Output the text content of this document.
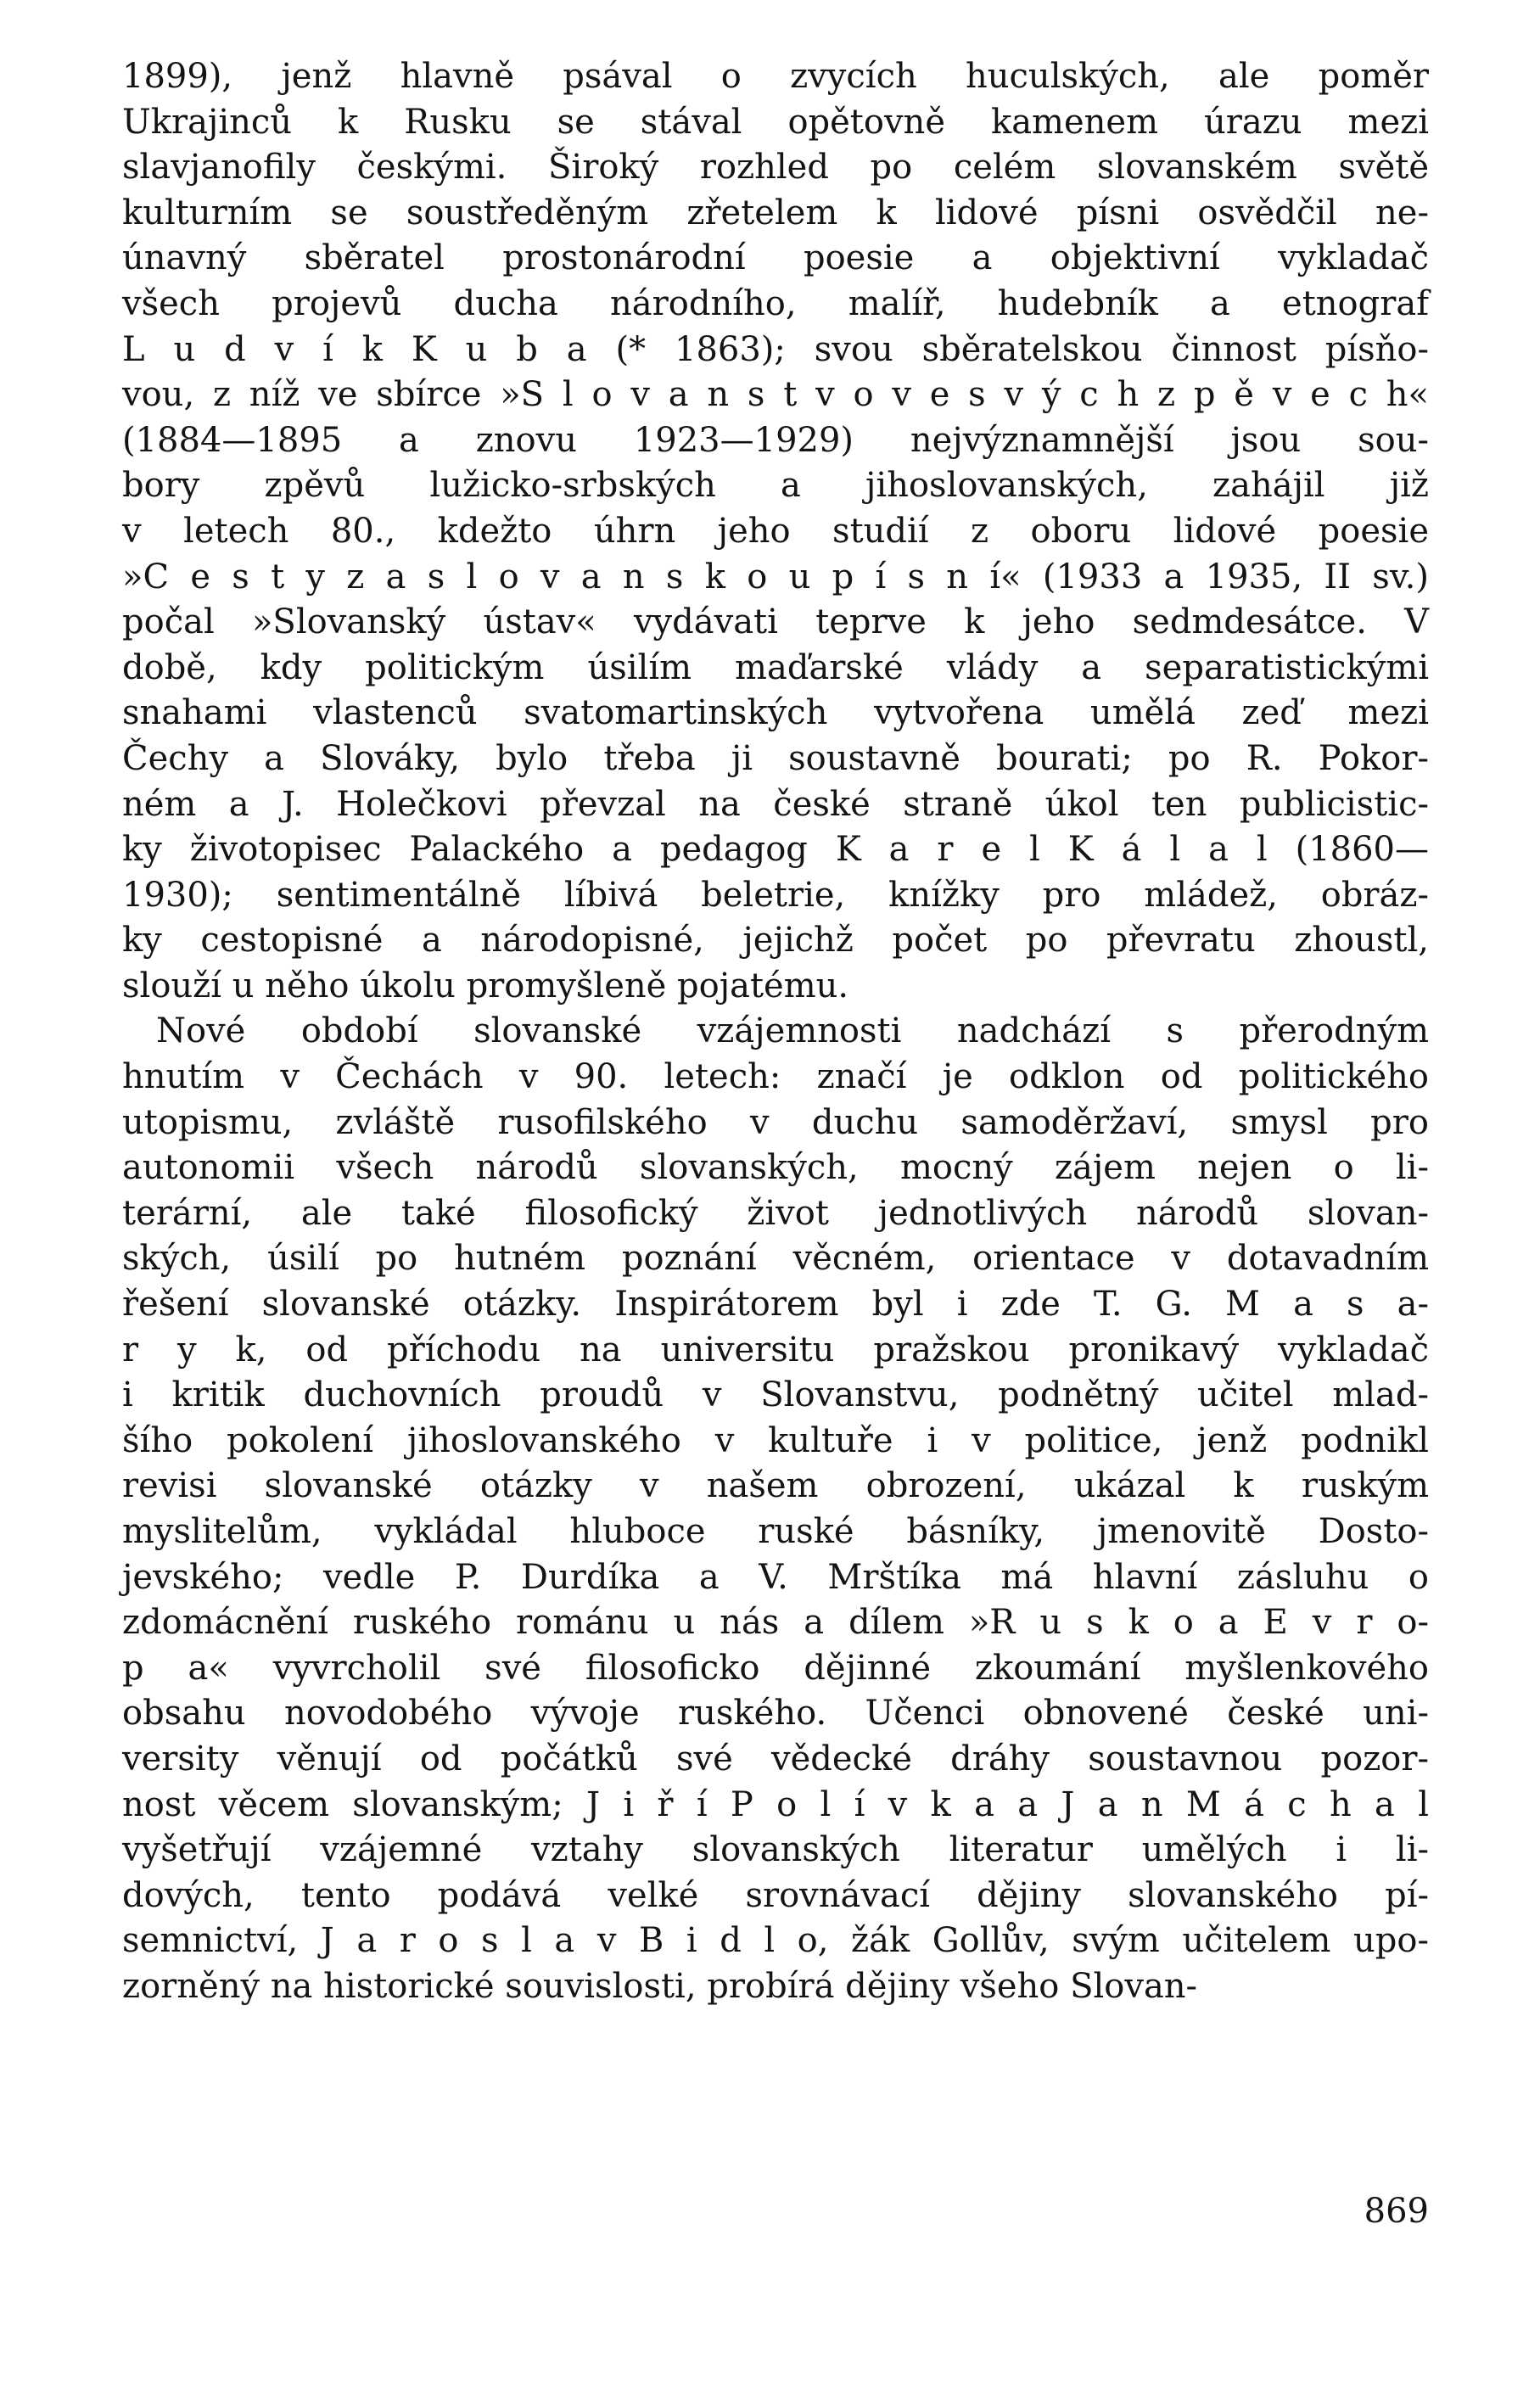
1899), jenž hlavně psával o zvycích huculských, ale poměr
Ukrajinců k Rusku se stával opětovně kamenem úrazu mezi
slavjanofily českými. Široký rozhled po celém slovanském světě
kulturním se soustředěným zřetelem k lidové písni osvědčil ne-
únavný sběratel prostonárodní poesie a objektivní vykladač
všech projevů ducha národního, malíř, hudebník a etnograf
L u d v í k K u b a (* 1863); svou sběratelskou činnost písňo-
vou, z níž ve sbírce »S l o v a n s t v o v e s v ý c h z p ě v e c h«
(1884—1895 a znovu 1923—1929) nejvýznamnější jsou sou-
bory zpěvů lužicko-srbských a jihoslovanských, zahájil již
v letech 80., kdežto úhrn jeho studií z oboru lidové poesie
»C e s t y z a s l o v a n s k o u p í s n í« (1933 a 1935, II sv.)
počal »Slovanský ústav« vydávati teprve k jeho sedmdesátce. V
době, kdy politickým úsilím maďarské vlády a separatistickými
snahami vlastenců svatomartinských vytvořena umělá zeď mezi
Čechy a Slováky, bylo třeba ji soustavně bourati; po R. Pokor-
ném a J. Holečkovi převzal na české straně úkol ten publicistic-
ky životopisec Palackého a pedagog K a r e l K á l a l (1860—
1930); sentimentálně líbivá beletrie, knížky pro mládež, obráz-
ky cestopisné a národopisné, jejichž počet po převratu zhoustl,
slouží u něho úkolu promyšleně pojatému.
Nové období slovanské vzájemnosti nadchází s přerodným
hnutím v Čechách v 90. letech: značí je odklon od politického
utopismu, zvláště rusofilského v duchu samoděržaví, smysl pro
autonomii všech národů slovanských, mocný zájem nejen o li-
terární, ale také filosofický život jednotlivých národů slovan-
ských, úsilí po hutném poznání věcném, orientace v dotavadním
řešení slovanské otázky. Inspirátorem byl i zde T. G. M a s a-
r y k, od příchodu na universitu pražskou pronikavý vykladač
i kritik duchovních proudů v Slovanstvu, podnětný učitel mlad-
šího pokolení jihoslovanského v kultuře i v politice, jenž podnikl
revisi slovanské otázky v našem obrození, ukázal k ruským
myslitelům, vykládal hluboce ruské básníky, jmenovitě Dosto-
jevského; vedle P. Durdíka a V. Mrštíka má hlavní zásluhu o
zdomácnění ruského románu u nás a dílem »R u s k o a E v r o-
p a« vyvrcholil své filosoficko dějinné zkoumání myšlenkového
obsahu novodobého vývoje ruského. Učenci obnovené české uni-
versity věnují od počátků své vědecké dráhy soustavnou pozor-
nost věcem slovanským; J i ř í P o l í v k a a J a n M á c h a l
vyšetřují vzájemné vztahy slovanských literatur umělých i li-
dových, tento podává velké srovnávací dějiny slovanského pí-
semnictví, J a r o s l a v B i d l o, žák Gollův, svým učitelem upo-
zorněný na historické souvislosti, probírá dějiny všeho Slovan-
869
